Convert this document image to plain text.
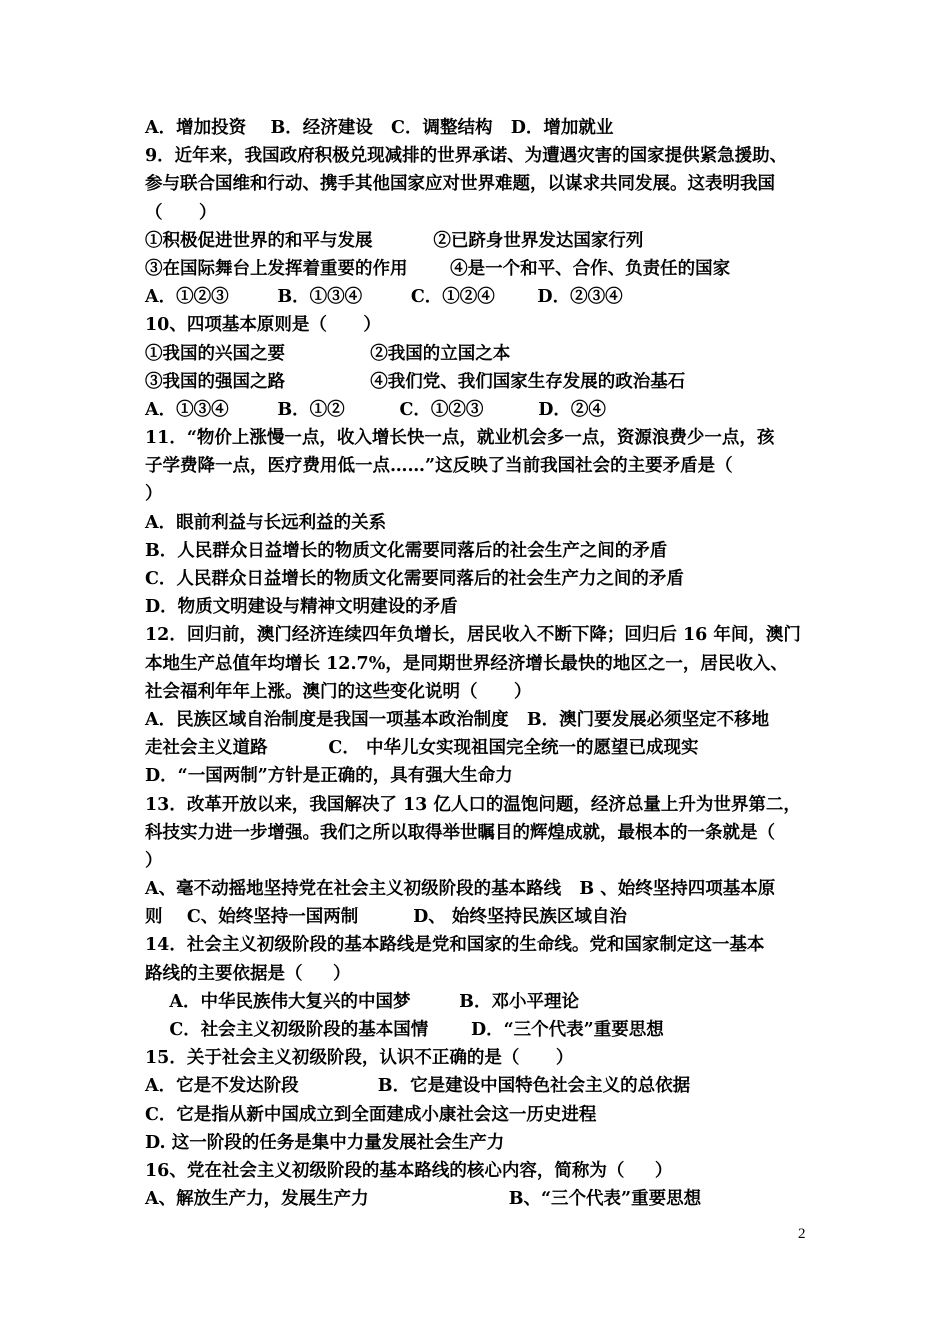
A．增加投资    B．经济建设   C．调整结构   D．增加就业
9．近年来，我国政府积极兑现减排的世界承诺、为遭遇灾害的国家提供紧急援助、
参与联合国维和行动、携手其他国家应对世界难题，以谋求共同发展。这表明我国
（      ）
①积极促进世界的和平与发展          ②已跻身世界发达国家行列
③在国际舞台上发挥着重要的作用       ④是一个和平、合作、负责任的国家
A．①②③        B．①③④        C．①②④       D．②③④
10、四项基本原则是（      ）
①我国的兴国之要              ②我国的立国之本
③我国的强国之路              ④我们党、我们国家生存发展的政治基石
A．①③④        B．①②         C．①②③         D．②④
11．“物价上涨慢一点，收入增长快一点，就业机会多一点，资源浪费少一点，孩
子学费降一点，医疗费用低一点……”这反映了当前我国社会的主要矛盾是（
）
A．眼前利益与长远利益的关系
B．人民群众日益增长的物质文化需要同落后的社会生产之间的矛盾
C．人民群众日益增长的物质文化需要同落后的社会生产力之间的矛盾
D．物质文明建设与精神文明建设的矛盾
12．回归前，澳门经济连续四年负增长，居民收入不断下降；回归后 16 年间，澳门
本地生产总值年均增长 12.7%，是同期世界经济增长最快的地区之一，居民收入、
社会福利年年上涨。澳门的这些变化说明（      ）
A．民族区域自治制度是我国一项基本政治制度   B．澳门要发展必须坚定不移地
走社会主义道路          C． 中华儿女实现祖国完全统一的愿望已成现实
D．“一国两制”方针是正确的，具有强大生命力
13．改革开放以来，我国解决了 13 亿人口的温饱问题，经济总量上升为世界第二，
科技实力进一步增强。我们之所以取得举世瞩目的辉煌成就，最根本的一条就是（
）
A、毫不动摇地坚持党在社会主义初级阶段的基本路线   B 、始终坚持四项基本原
则    C、始终坚持一国两制         D、 始终坚持民族区域自治
14．社会主义初级阶段的基本路线是党和国家的生命线。党和国家制定这一基本
路线的主要依据是（     ）
A．中华民族伟大复兴的中国梦        B．邓小平理论
C．社会主义初级阶段的基本国情       D．“三个代表”重要思想
15．关于社会主义初级阶段，认识不正确的是（      ）
A．它是不发达阶段             B．它是建设中国特色社会主义的总依据
C．它是指从新中国成立到全面建成小康社会这一历史进程
D. 这一阶段的任务是集中力量发展社会生产力
16、党在社会主义初级阶段的基本路线的核心内容，简称为（     ）
A、解放生产力，发展生产力                       B、“三个代表”重要思想
2
